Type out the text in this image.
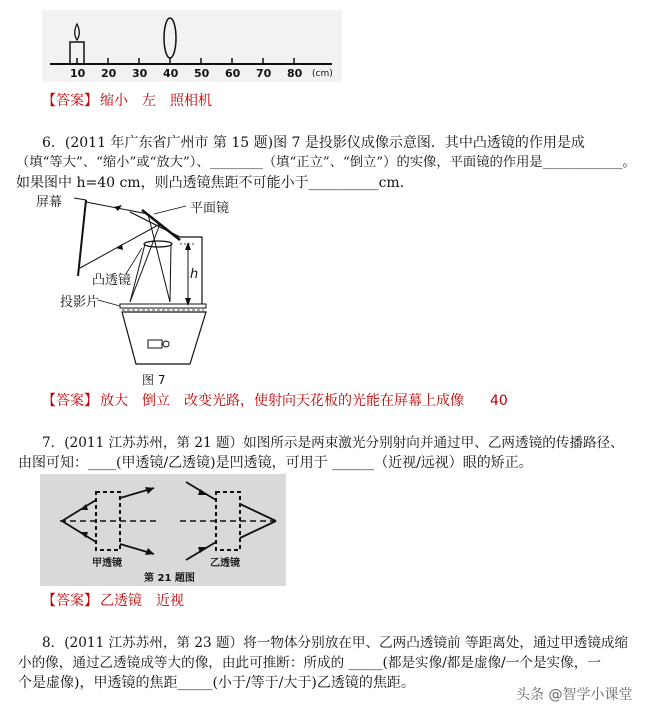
10 20 30 40 50 60 70 80 (cm)
【答案】 缩小 左 照相机
6．(2011 年广东省广州市 第 15 题)图 7 是投影仪成像示意图．其中凸透镜的作用是成
（填“等大”、“缩小”或“放大”）、________（填“正立”、“倒立”）的实像，平面镜的作用是____________。
如果图中 h=40 cm，则凸透镜焦距不可能小于__________cm．
屏幕	平面镜
凸透镜
投影片
h
图 7
【答案】 放大 倒立 改变光路，使射向天花板的光能在屏幕上成像 40
7．(2011 江苏苏州，第 21 题）如图所示是两束激光分别射向并通过甲、乙两透镜的传播路径、
由图可知：____(甲透镜/乙透镜)是凹透镜，可用于 ______（近视/远视）眼的矫正。
甲透镜	乙透镜
第 21 题图
【答案】 乙透镜 近视
8．(2011 江苏苏州，第 23 题）将一物体分别放在甲、乙两凸透镜前 等距离处，通过甲透镜成缩
小的像，通过乙透镜成等大的像，由此可推断：所成的 _____(都是实像/都是虚像/一个是实像，一
个是虚像)，甲透镜的焦距_____(小于/等于/大于)乙透镜的焦距。
头条 @智学小课堂
